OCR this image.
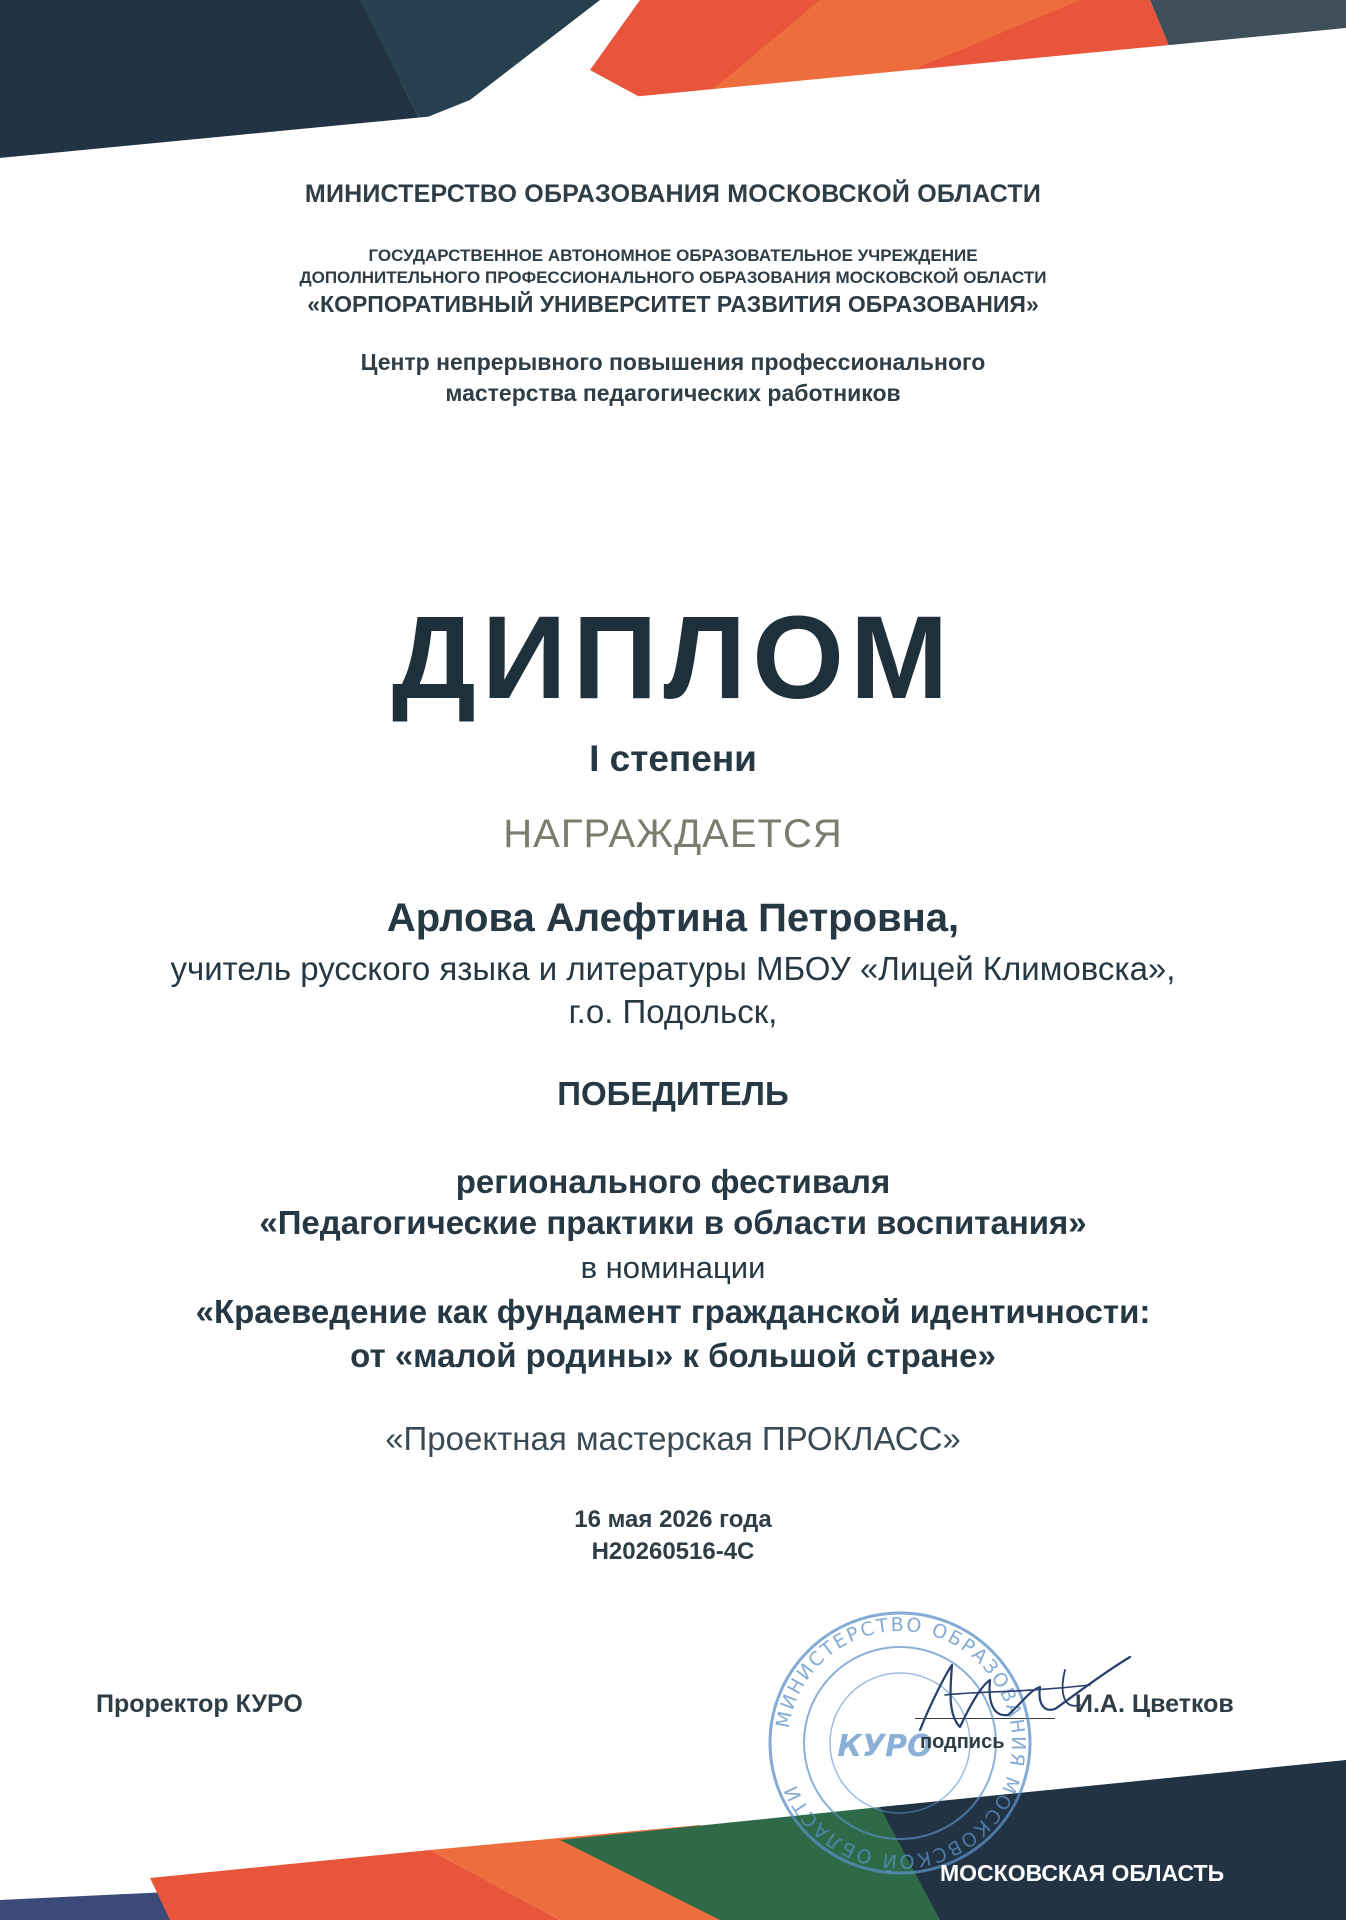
МИНИСТЕРСТВО ОБРАЗОВАНИЯ МОСКОВСКОЙ ОБЛАСТИ
ГОСУДАРСТВЕННОЕ АВТОНОМНОЕ ОБРАЗОВАТЕЛЬНОЕ УЧРЕЖДЕНИЕ
ДОПОЛНИТЕЛЬНОГО ПРОФЕССИОНАЛЬНОГО ОБРАЗОВАНИЯ МОСКОВСКОЙ ОБЛАСТИ
«КОРПОРАТИВНЫЙ УНИВЕРСИТЕТ РАЗВИТИЯ ОБРАЗОВАНИЯ»
Центр непрерывного повышения профессионального
мастерства педагогических работников
ДИПЛОМ
I степени
НАГРАЖДАЕТСЯ
Арлова Алефтина Петровна,
учитель русского языка и литературы МБОУ «Лицей Климовска»,
г.о. Подольск,
ПОБЕДИТЕЛЬ
регионального фестиваля
«Педагогические практики в области воспитания»
в номинации
«Краеведение как фундамент гражданской идентичности:
от «малой родины» к большой стране»
«Проектная мастерская ПРОКЛАСС»
16 мая 2026 года
Н20260516-4С
Проректор КУРО
подпись
И.А. Цветков
МИНИСТЕРСТВО ОБРАЗОВАНИЯ МОСКОВСКОЙ ОБЛАСТИ
КУРО
МОСКОВСКАЯ ОБЛАСТЬ
